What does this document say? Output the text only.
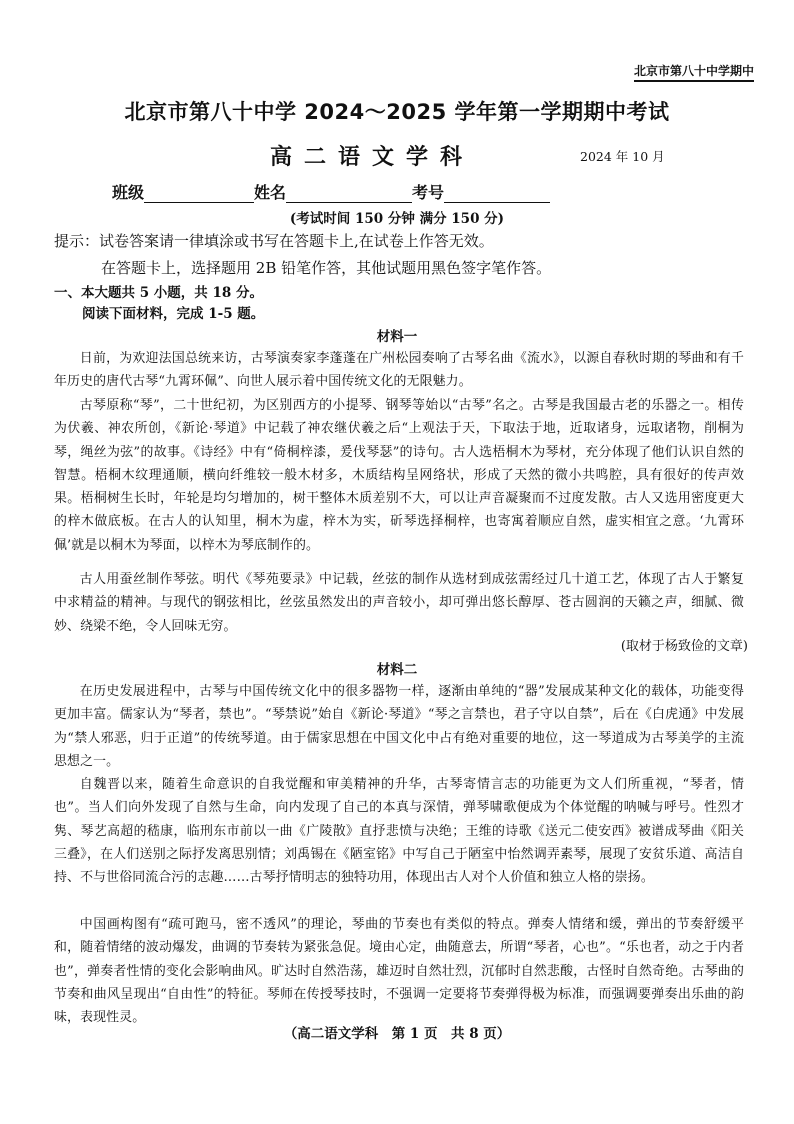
北京市第八十中学期中
北京市第八十中学 2024～2025 学年第一学期期中考试
高二语文学科	2024 年 10 月
班级	姓名	考号
(考试时间 150 分钟 满分 150 分)
提示：试卷答案请一律填涂或书写在答题卡上,在试卷上作答无效。
在答题卡上，选择题用 2B 铅笔作答，其他试题用黑色签字笔作答。
一、本大题共 5 小题，共 18 分。
阅读下面材料，完成 1-5 题。
材料一
日前，为欢迎法国总统来访，古琴演奏家李蓬蓬在广州松园奏响了古琴名曲《流水》，以源自春秋时期的琴曲和有千年历史的唐代古琴“九霄环佩”、向世人展示着中国传统文化的无限魅力。
古琴原称“琴”，二十世纪初，为区别西方的小提琴、钢琴等始以“古琴”名之。古琴是我国最古老的乐器之一。相传为伏羲、神农所创，《新论·琴道》中记载了神农继伏羲之后“上观法于天，下取法于地，近取诸身，远取诸物，削桐为琴，绳丝为弦”的故事。《诗经》中有“倚桐梓漆，爰伐琴瑟”的诗句。古人选梧桐木为琴材，充分体现了他们认识自然的智慧。梧桐木纹理通顺，横向纤维较一般木材多，木质结构呈网络状，形成了天然的微小共鸣腔，具有很好的传声效果。梧桐树生长时，年轮是均匀增加的，树干整体木质差别不大，可以让声音凝聚而不过度发散。古人又选用密度更大的梓木做底板。在古人的认知里，桐木为虚，梓木为实，斫琴选择桐梓，也寄寓着顺应自然，虚实相宜之意。‘九霄环佩’就是以桐木为琴面，以梓木为琴底制作的。
古人用蚕丝制作琴弦。明代《琴苑要录》中记载，丝弦的制作从选材到成弦需经过几十道工艺，体现了古人于繁复中求精益的精神。与现代的钢弦相比，丝弦虽然发出的声音较小，却可弹出悠长醇厚、苍古圆润的天籁之声，细腻、微妙、绕梁不绝，令人回味无穷。
(取材于杨致俭的文章)
材料二
在历史发展进程中，古琴与中国传统文化中的很多器物一样，逐渐由单纯的“器”发展成某种文化的载体，功能变得更加丰富。儒家认为“琴者，禁也”。“琴禁说”始自《新论·琴道》“琴之言禁也，君子守以自禁”，后在《白虎通》中发展为“禁人邪恶，归于正道”的传统琴道。由于儒家思想在中国文化中占有绝对重要的地位，这一琴道成为古琴美学的主流思想之一。
自魏晋以来，随着生命意识的自我觉醒和审美精神的升华，古琴寄情言志的功能更为文人们所重视，“琴者，情也”。当人们向外发现了自然与生命，向内发现了自己的本真与深情，弹琴啸歌便成为个体觉醒的呐喊与呼号。性烈才隽、琴艺高超的嵇康，临刑东市前以一曲《广陵散》直抒悲愤与决绝；王维的诗歌《送元二使安西》被谱成琴曲《阳关三叠》，在人们送别之际抒发离思别情；刘禹锡在《陋室铭》中写自己于陋室中怡然调弄素琴，展现了安贫乐道、高洁自持、不与世俗同流合污的志趣……古琴抒情明志的独特功用，体现出古人对个人价值和独立人格的崇扬。
中国画构图有“疏可跑马，密不透风”的理论，琴曲的节奏也有类似的特点。弹奏人情绪和缓，弹出的节奏舒缓平和，随着情绪的波动爆发，曲调的节奏转为紧张急促。境由心定，曲随意去，所谓“琴者，心也”。“乐也者，动之于内者也”，弹奏者性情的变化会影响曲风。旷达时自然浩荡，雄迈时自然壮烈，沉郁时自然悲酸，古怪时自然奇绝。古琴曲的节奏和曲风呈现出“自由性”的特征。琴师在传授琴技时，不强调一定要将节奏弹得极为标准，而强调要弹奏出乐曲的韵味，表现性灵。
（高二语文学科　第 1 页　共 8 页）
